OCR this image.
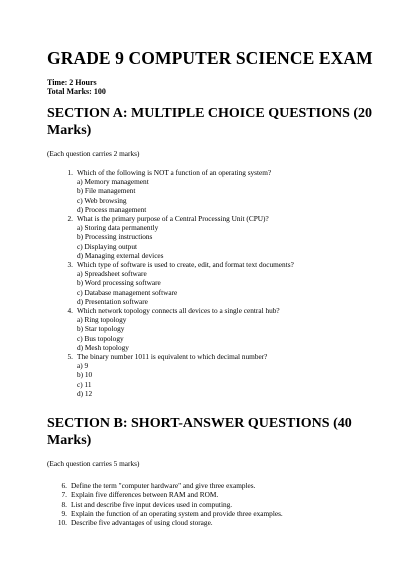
GRADE 9 COMPUTER SCIENCE EXAM
Time: 2 Hours
Total Marks: 100
SECTION A: MULTIPLE CHOICE QUESTIONS (20 Marks)
(Each question carries 2 marks)
1. Which of the following is NOT a function of an operating system?
a) Memory management
b) File management
c) Web browsing
d) Process management
2. What is the primary purpose of a Central Processing Unit (CPU)?
a) Storing data permanently
b) Processing instructions
c) Displaying output
d) Managing external devices
3. Which type of software is used to create, edit, and format text documents?
a) Spreadsheet software
b) Word processing software
c) Database management software
d) Presentation software
4. Which network topology connects all devices to a single central hub?
a) Ring topology
b) Star topology
c) Bus topology
d) Mesh topology
5. The binary number 1011 is equivalent to which decimal number?
a) 9
b) 10
c) 11
d) 12
SECTION B: SHORT-ANSWER QUESTIONS (40 Marks)
(Each question carries 5 marks)
6. Define the term "computer hardware" and give three examples.
7. Explain five differences between RAM and ROM.
8. List and describe five input devices used in computing.
9. Explain the function of an operating system and provide three examples.
10. Describe five advantages of using cloud storage.
